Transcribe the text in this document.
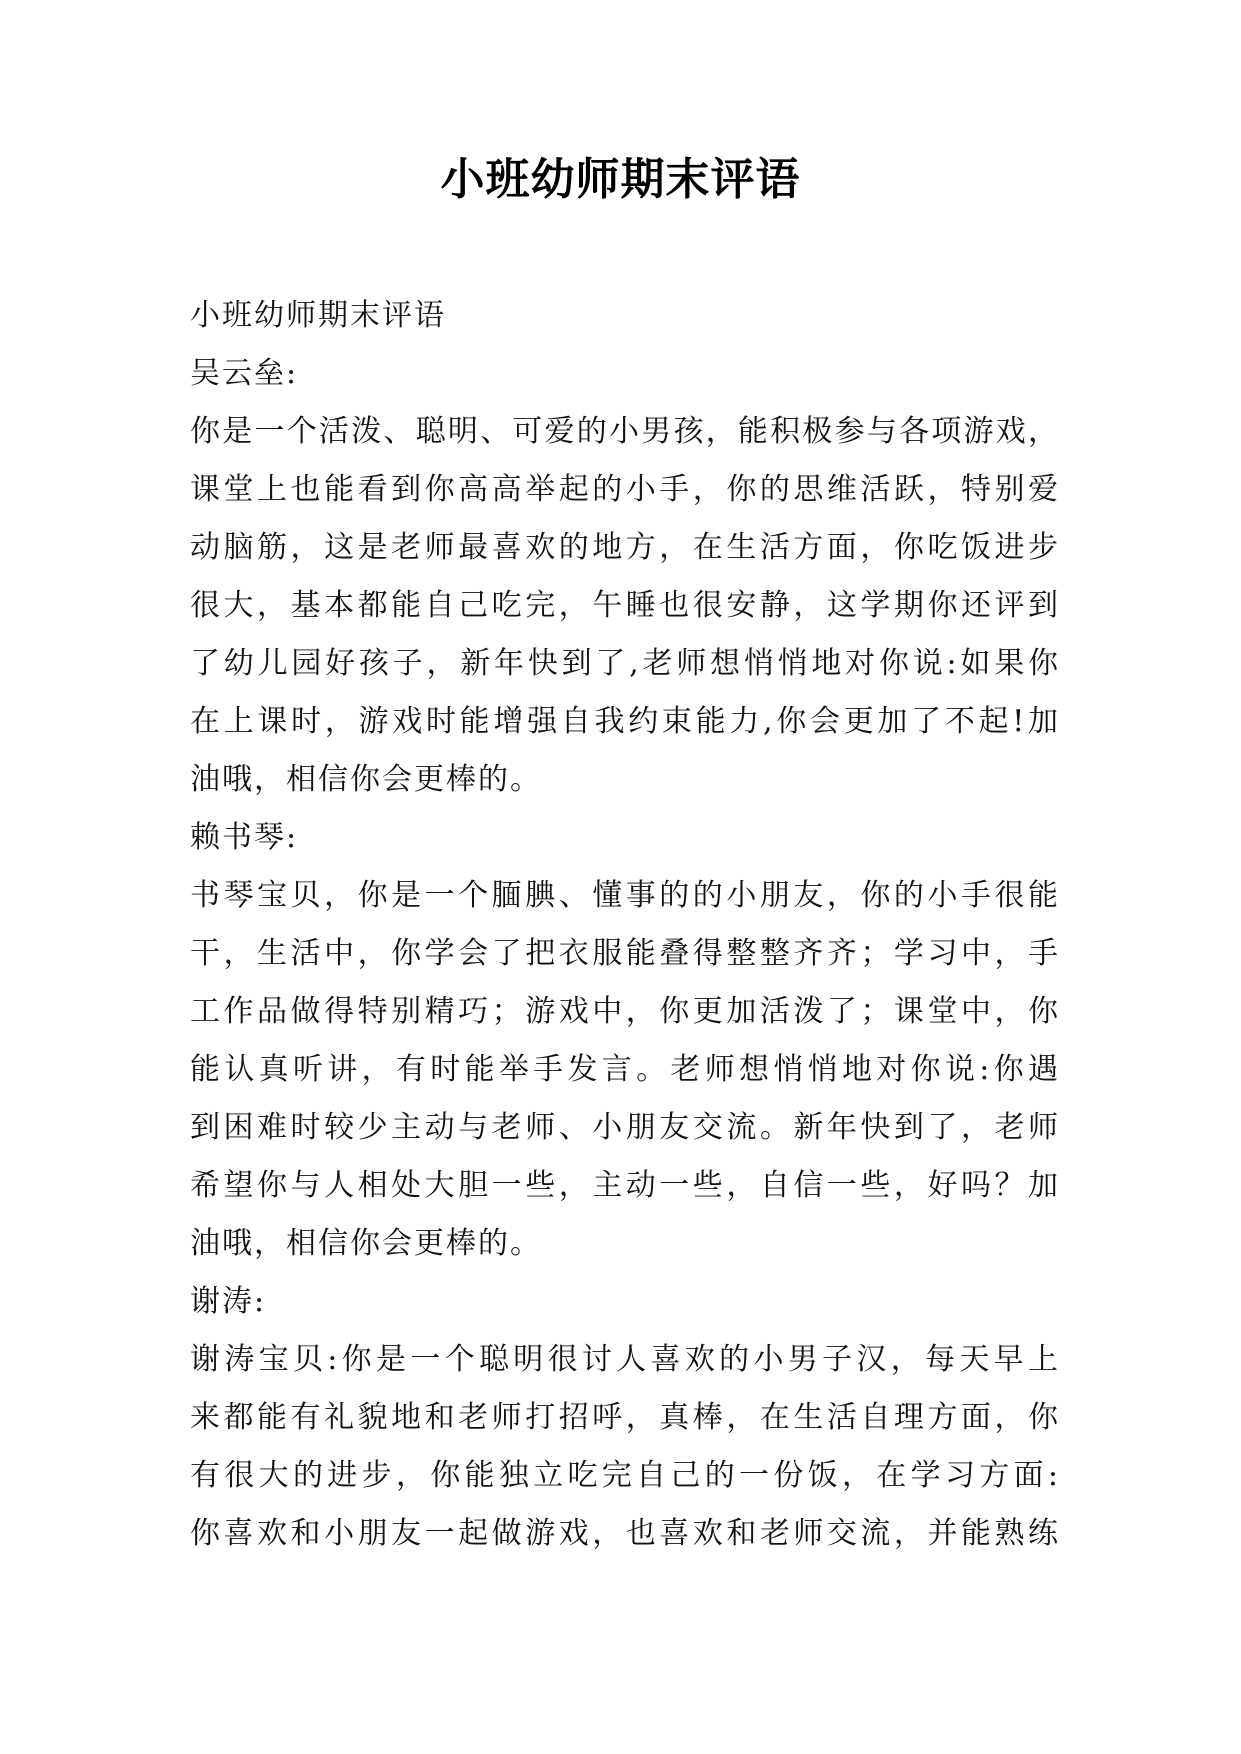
小班幼师期末评语
小班幼师期末评语
吴云垒:
你是一个活泼、聪明、可爱的小男孩，能积极参与各项游戏，
课堂上也能看到你高高举起的小手，你的思维活跃，特别爱
动脑筋，这是老师最喜欢的地方，在生活方面，你吃饭进步
很大，基本都能自己吃完，午睡也很安静，这学期你还评到
了幼儿园好孩子，新年快到了,老师想悄悄地对你说:如果你
在上课时，游戏时能增强自我约束能力,你会更加了不起!加
油哦，相信你会更棒的。
赖书琴:
书琴宝贝，你是一个腼腆、懂事的的小朋友，你的小手很能
干，生活中，你学会了把衣服能叠得整整齐齐；学习中，手
工作品做得特别精巧；游戏中，你更加活泼了；课堂中，你
能认真听讲，有时能举手发言。老师想悄悄地对你说:你遇
到困难时较少主动与老师、小朋友交流。新年快到了，老师
希望你与人相处大胆一些，主动一些，自信一些，好吗？加
油哦，相信你会更棒的。
谢涛:
谢涛宝贝:你是一个聪明很讨人喜欢的小男子汉，每天早上
来都能有礼貌地和老师打招呼，真棒，在生活自理方面，你
有很大的进步，你能独立吃完自己的一份饭，在学习方面:
你喜欢和小朋友一起做游戏，也喜欢和老师交流，并能熟练
